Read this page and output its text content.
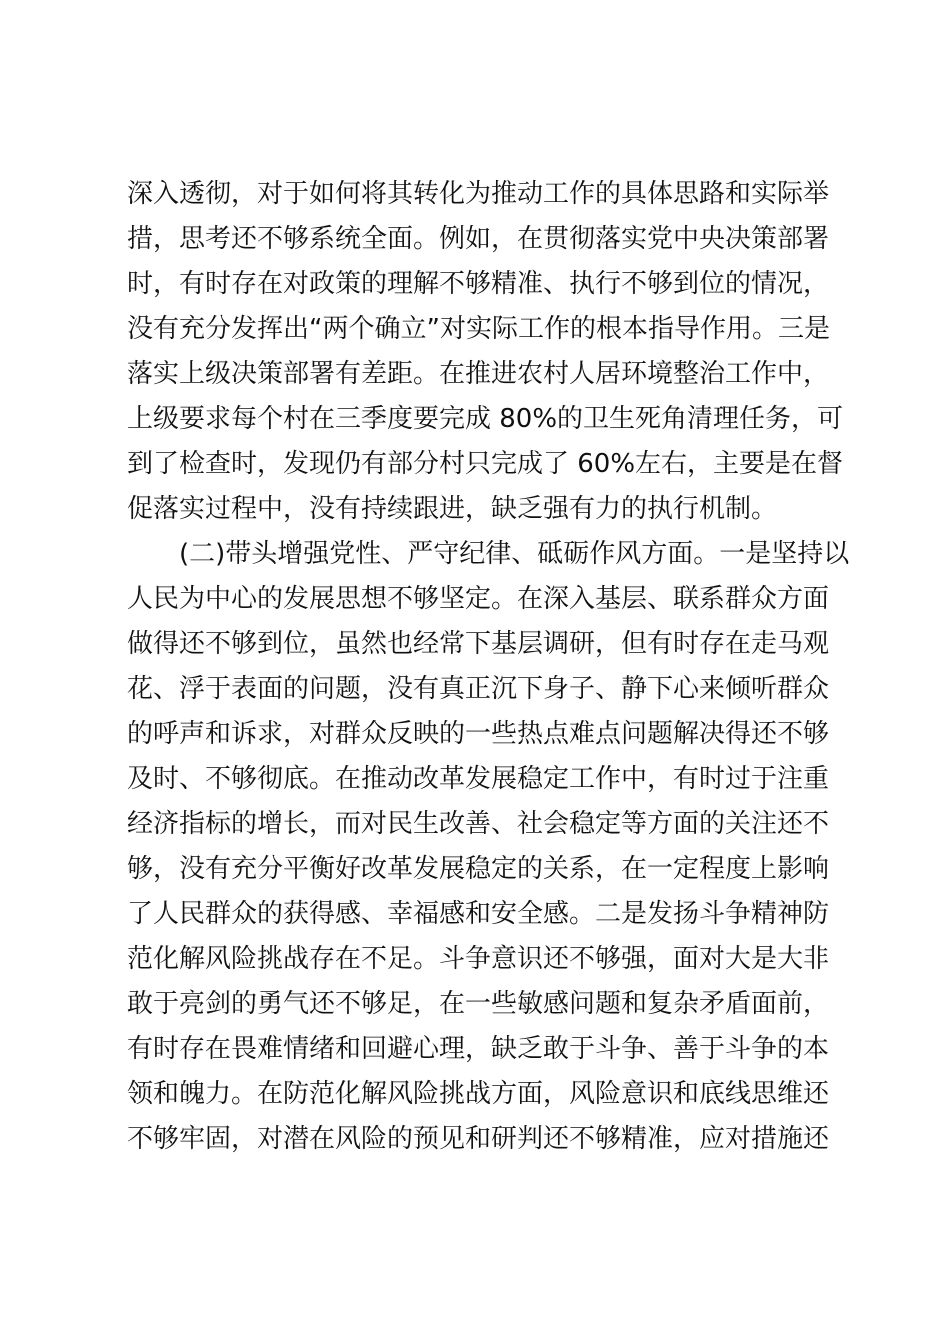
深入透彻，对于如何将其转化为推动工作的具体思路和实际举
措，思考还不够系统全面。例如，在贯彻落实党中央决策部署
时，有时存在对政策的理解不够精准、执行不够到位的情况，
没有充分发挥出“两个确立”对实际工作的根本指导作用。三是
落实上级决策部署有差距。在推进农村人居环境整治工作中，
上级要求每个村在三季度要完成 80%的卫生死角清理任务，可
到了检查时，发现仍有部分村只完成了 60%左右，主要是在督
促落实过程中，没有持续跟进，缺乏强有力的执行机制。
(二)带头增强党性、严守纪律、砥砺作风方面。一是坚持以
人民为中心的发展思想不够坚定。在深入基层、联系群众方面
做得还不够到位，虽然也经常下基层调研，但有时存在走马观
花、浮于表面的问题，没有真正沉下身子、静下心来倾听群众
的呼声和诉求，对群众反映的一些热点难点问题解决得还不够
及时、不够彻底。在推动改革发展稳定工作中，有时过于注重
经济指标的增长，而对民生改善、社会稳定等方面的关注还不
够，没有充分平衡好改革发展稳定的关系，在一定程度上影响
了人民群众的获得感、幸福感和安全感。二是发扬斗争精神防
范化解风险挑战存在不足。斗争意识还不够强，面对大是大非
敢于亮剑的勇气还不够足，在一些敏感问题和复杂矛盾面前，
有时存在畏难情绪和回避心理，缺乏敢于斗争、善于斗争的本
领和魄力。在防范化解风险挑战方面，风险意识和底线思维还
不够牢固，对潜在风险的预见和研判还不够精准，应对措施还
